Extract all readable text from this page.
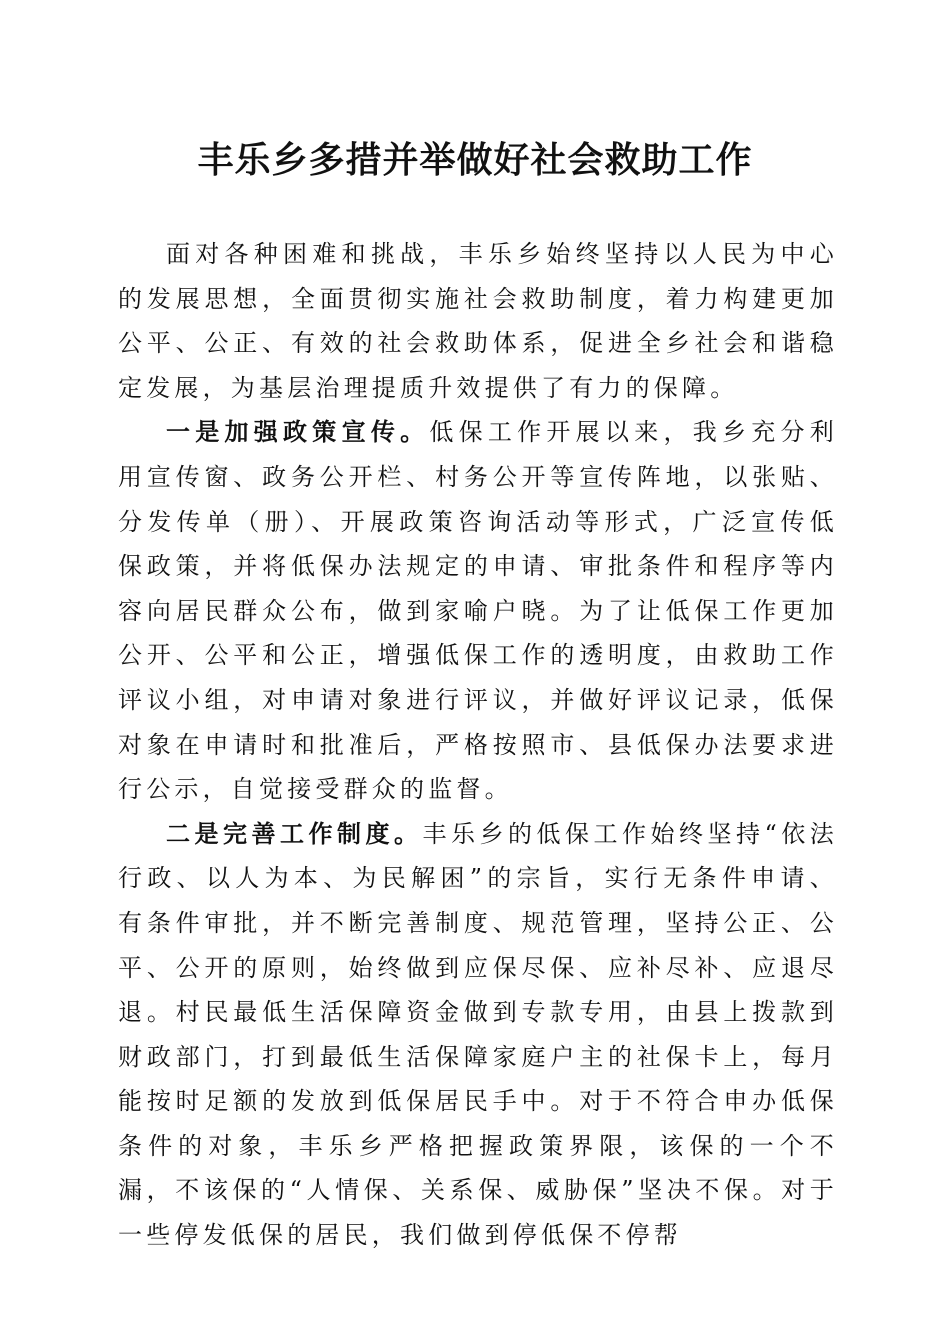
丰乐乡多措并举做好社会救助工作

面对各种困难和挑战，丰乐乡始终坚持以人民为中心的发展思想，全面贯彻实施社会救助制度，着力构建更加公平、公正、有效的社会救助体系，促进全乡社会和谐稳定发展，为基层治理提质升效提供了有力的保障。

一是加强政策宣传。低保工作开展以来，我乡充分利用宣传窗、政务公开栏、村务公开等宣传阵地，以张贴、分发传单（册）、开展政策咨询活动等形式，广泛宣传低保政策，并将低保办法规定的申请、审批条件和程序等内容向居民群众公布，做到家喻户晓。为了让低保工作更加公开、公平和公正，增强低保工作的透明度，由救助工作评议小组，对申请对象进行评议，并做好评议记录，低保对象在申请时和批准后，严格按照市、县低保办法要求进行公示，自觉接受群众的监督。

二是完善工作制度。丰乐乡的低保工作始终坚持“依法行政、以人为本、为民解困”的宗旨，实行无条件申请、有条件审批，并不断完善制度、规范管理，坚持公正、公平、公开的原则，始终做到应保尽保、应补尽补、应退尽退。村民最低生活保障资金做到专款专用，由县上拨款到财政部门，打到最低生活保障家庭户主的社保卡上，每月能按时足额的发放到低保居民手中。对于不符合申办低保条件的对象，丰乐乡严格把握政策界限，该保的一个不漏，不该保的“人情保、关系保、威胁保”坚决不保。对于一些停发低保的居民，我们做到停低保不停帮
